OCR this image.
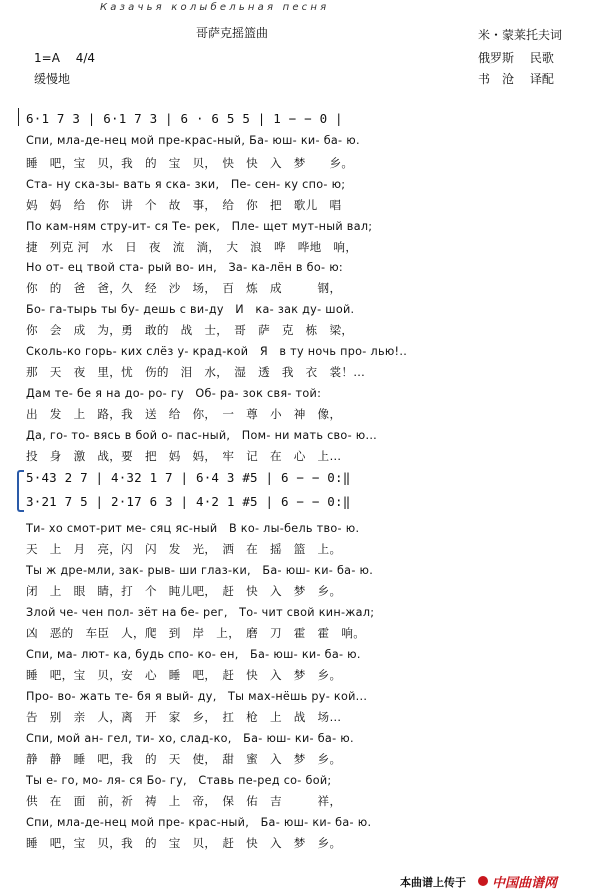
Казачья колыбельная песня
哥萨克摇篮曲	米・蒙莱托夫词
俄罗斯　 民歌
书　沧　 译配
1=A　 4/4
缓慢地
6·1 7 3 | 6·1 7 3 | 6 · 6 5 5 | 1 − − 0 |
Спи, мла-де-нец мой пре-крас-ный, Ба- юш- ки- ба- ю.
睡　吧，宝　贝，我　的　宝　贝，　快　快　入　梦　　乡。
Ста- ну ска-зы- вать я ска- зки,　Пе- сен- ку спо- ю;
妈　妈　给　你　讲　个　故　事，　给　你　把　歌儿　唱
По кам-ням стру-ит- ся Те- рек,　Пле- щет мут-ный вал;
捷　列克 河　水　日　夜　流　淌，　大　浪　哗　哗地　响，
Но от- ец твой ста- рый во- ин,　За- ка-лён в бо- ю:
你　的　爸　爸，久　经　沙　场，　百　炼　成　　　钢，
Бо- га-тырь ты бу- дешь с ви-ду　И　ка- зак ду- шой.
你　会　成　为，勇　敢的　战　士，　哥　萨　克　栋　梁，
Сколь-ко горь- ких слёз у- крад-кой　Я　в ту ночь про- лью!..
那　天　夜　里，忧　伤的　泪　水，　湿　透　我　衣　裳！…
Дам те- бе я на до- ро- гу　Об- ра- зок свя- той:
出　发　上　路，我　送　给　你，　一　尊　小　神　像，
Да, го- то- вясь в бой о- пас-ный,　Пом- ни мать сво- ю...
投　身　激　战，要　把　妈　妈，　牢　记　在　心　上…
5·43 2 7 | 4·32 1 7 | 6·4 3 #5 | 6 − − 0:‖
3·21 7 5 | 2·17 6 3 | 4·2 1 #5 | 6 − − 0:‖
Ти- хо смот-рит ме- сяц яс-ный　В ко- лы-бель тво- ю.
天　上　月　亮，闪　闪　发　光，　洒　在　摇　篮　上。
Ты ж дре-мли, зак- рыв- ши глаз-ки,　Ба- юш- ки- ба- ю.
闭　上　眼　睛，打　个　盹儿吧，　赶　快　入　梦　乡。
Злой че- чен пол- зёт на бе- рег,　То- чит свой кин-жал;
凶　恶的　车臣　人，爬　到　岸　上，　磨　刀　霍　霍　响。
Спи, ма- лют- ка, будь спо- ко- ен,　Ба- юш- ки- ба- ю.
睡　吧，宝　贝，安　心　睡　吧，　赶　快　入　梦　乡。
Про- во- жать те- бя я вый- ду,　Ты мах-нёшь ру- кой...
告　别　亲　人，离　开　家　乡，　扛　枪　上　战　场…
Спи, мой ан- гел, ти- хо, слад-ко,　Ба- юш- ки- ба- ю.
静　静　睡　吧，我　的　天　使，　甜　蜜　入　梦　乡。
Ты е- го, мо- ля- ся Бо- гу,　Ставь пе-ред со- бой;
供　在　面　前，祈　祷　上　帝，　保　佑　吉　　　祥，
Спи, мла-де-нец мой пре- крас-ный,　Ба- юш- ки- ба- ю.
睡　吧，宝　贝，我　的　宝　贝，　赶　快　入　梦　乡。
本曲谱上传于 中国曲谱网
